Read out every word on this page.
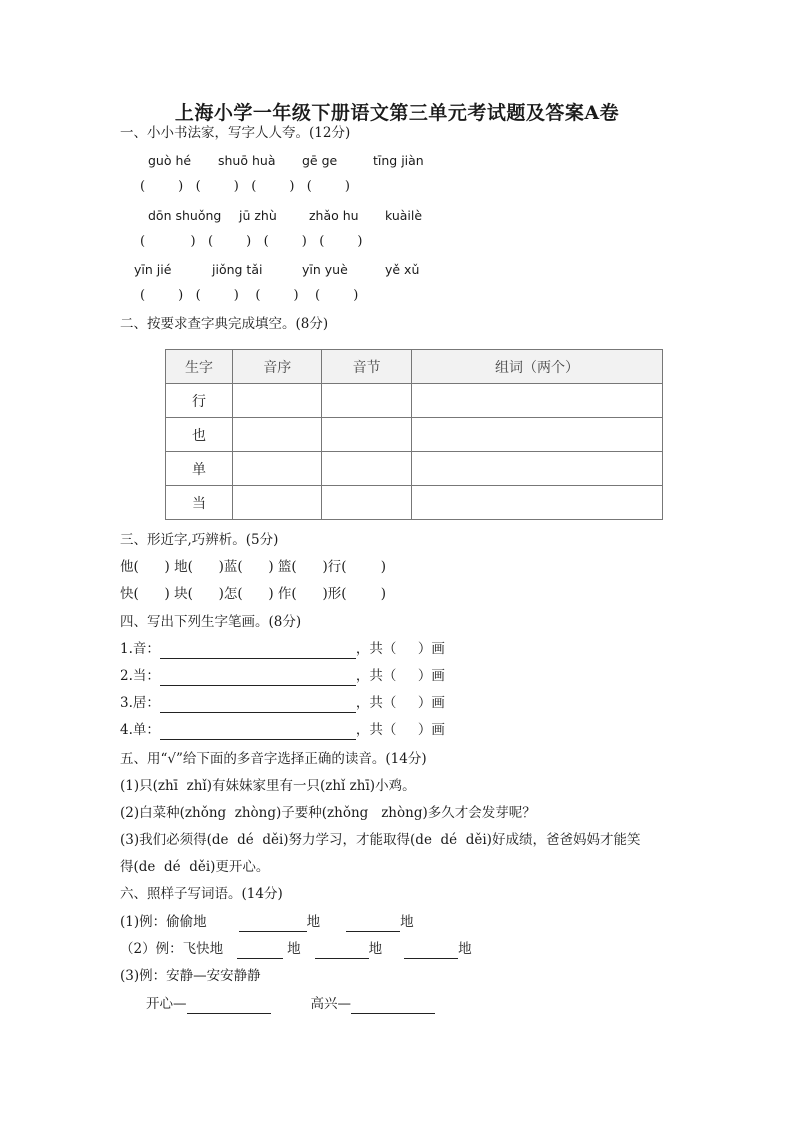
上海小学一年级下册语文第三单元考试题及答案A卷
一、小小书法家，写字人人夸。(12分)
guò hé shuō huà gē ge	tīng jiàn
(        )   (        )   (        )   (        )
dōn shuǒng jū zhù	zhǎo hu kuàilè
(           )   (        )   (        )   (        )
yīn jié	jiǒng tǎi	yīn yuè	yě xǔ
(        )   (        )    (        )    (        )
二、按要求查字典完成填空。(8分)
生字	音序	音节	组词（两个）
行			
也			
单			
当			
三、形近字,巧辨析。(5分)
他(      ) 地(      )蓝(      ) 篮(      )行(        )
快(      ) 块(      )怎(      ) 作(      )形(        )
四、写出下列生字笔画。(8分)
1.音：	，共（     ）画
2.当：	，共（     ）画
3.居：	，共（     ）画
4.单：	，共（     ）画
五、用“√”给下面的多音字选择正确的读音。(14分)
(1)只(zhī  zhǐ)有妹妹家里有一只(zhǐ zhī)小鸡。
(2)白菜种(zhǒng  zhòng)子要种(zhǒng   zhòng)多久才会发芽呢？
(3)我们必须得(de  dé  děi)努力学习，才能取得(de  dé  děi)好成绩，爸爸妈妈才能笑
得(de  dé  děi)更开心。
六、照样子写词语。(14分)
(1)例：偷偷地	地	地
（2）例：飞快地	地	地	地
(3)例：安静—安安静静
开心—	高兴—
